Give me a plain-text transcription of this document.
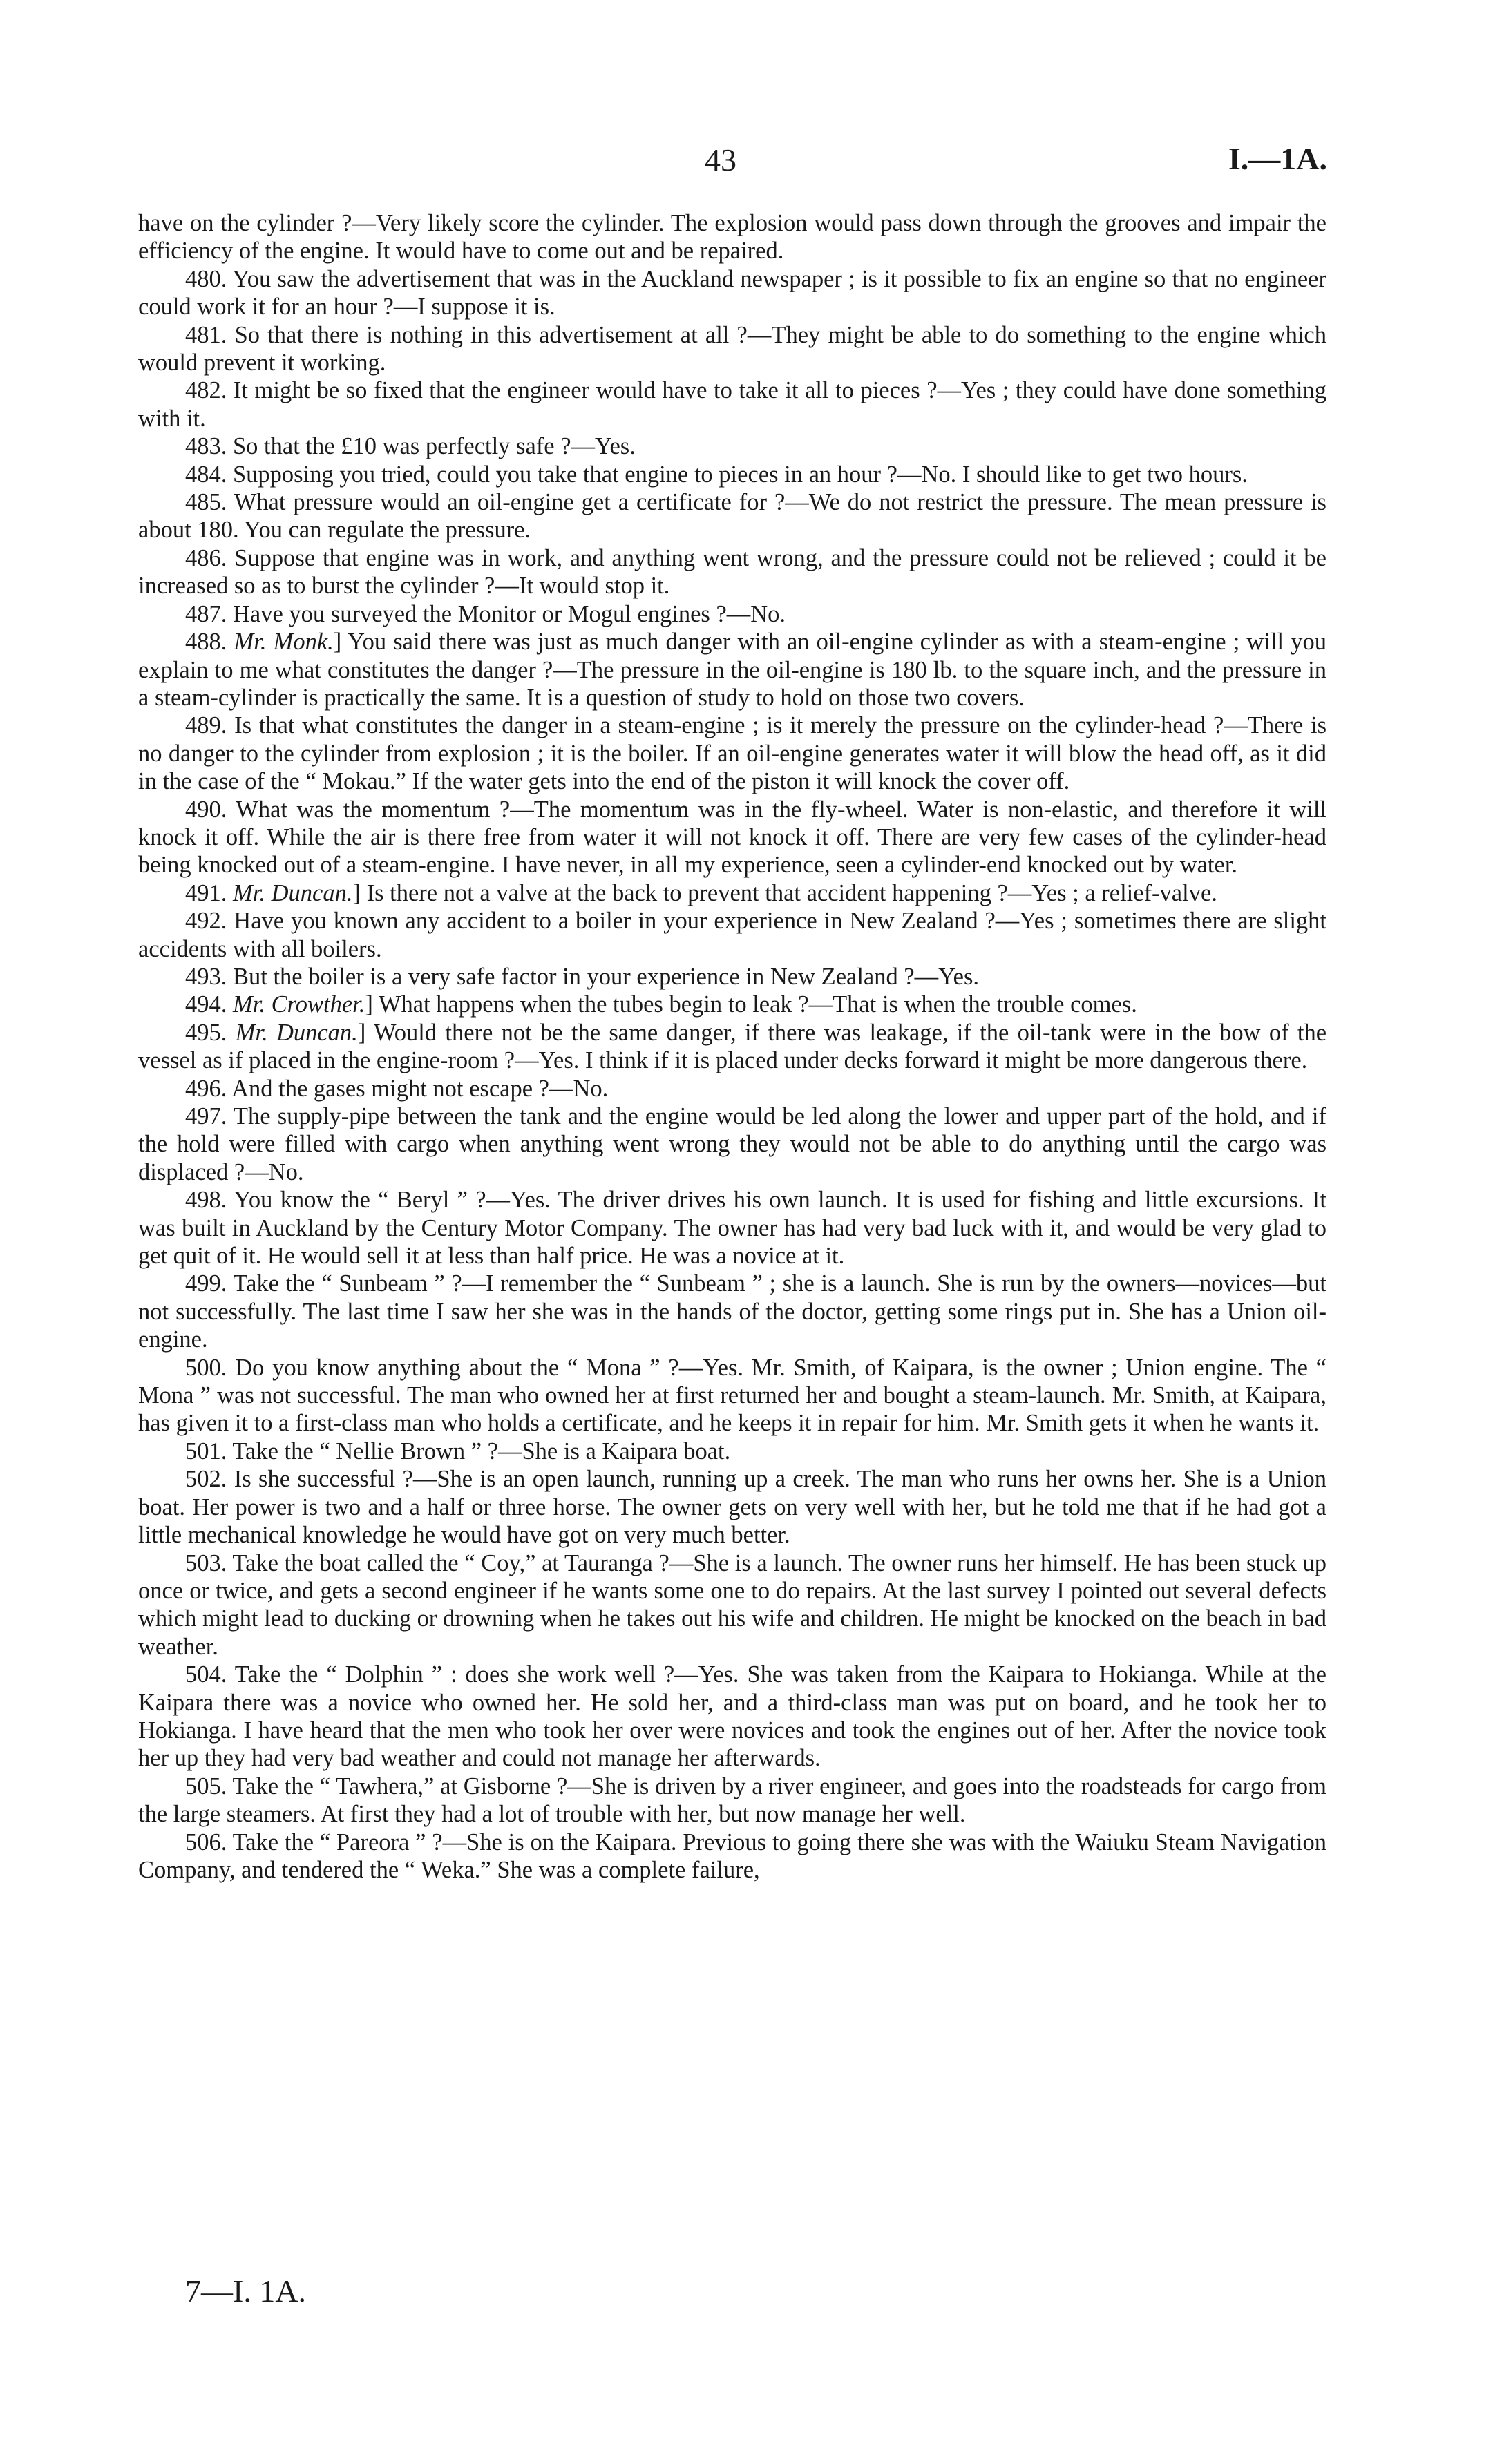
43	I.—1A.

have on the cylinder ?—Very likely score the cylinder. The explosion would pass down through the grooves and impair the efficiency of the engine. It would have to come out and be repaired.

480. You saw the advertisement that was in the Auckland newspaper ; is it possible to fix an engine so that no engineer could work it for an hour ?—I suppose it is.

481. So that there is nothing in this advertisement at all ?—They might be able to do something to the engine which would prevent it working.

482. It might be so fixed that the engineer would have to take it all to pieces ?—Yes ; they could have done something with it.

483. So that the £10 was perfectly safe ?—Yes.

484. Supposing you tried, could you take that engine to pieces in an hour ?—No. I should like to get two hours.

485. What pressure would an oil-engine get a certificate for ?—We do not restrict the pressure. The mean pressure is about 180. You can regulate the pressure.

486. Suppose that engine was in work, and anything went wrong, and the pressure could not be relieved ; could it be increased so as to burst the cylinder ?—It would stop it.

487. Have you surveyed the Monitor or Mogul engines ?—No.

488. Mr. Monk.] You said there was just as much danger with an oil-engine cylinder as with a steam-engine ; will you explain to me what constitutes the danger ?—The pressure in the oil-engine is 180 lb. to the square inch, and the pressure in a steam-cylinder is practically the same. It is a question of study to hold on those two covers.

489. Is that what constitutes the danger in a steam-engine ; is it merely the pressure on the cylinder-head ?—There is no danger to the cylinder from explosion ; it is the boiler. If an oil-engine generates water it will blow the head off, as it did in the case of the “ Mokau.” If the water gets into the end of the piston it will knock the cover off.

490. What was the momentum ?—The momentum was in the fly-wheel. Water is non-elastic, and therefore it will knock it off. While the air is there free from water it will not knock it off. There are very few cases of the cylinder-head being knocked out of a steam-engine. I have never, in all my experience, seen a cylinder-end knocked out by water.

491. Mr. Duncan.] Is there not a valve at the back to prevent that accident happening ?—Yes ; a relief-valve.

492. Have you known any accident to a boiler in your experience in New Zealand ?—Yes ; sometimes there are slight accidents with all boilers.

493. But the boiler is a very safe factor in your experience in New Zealand ?—Yes.

494. Mr. Crowther.] What happens when the tubes begin to leak ?—That is when the trouble comes.

495. Mr. Duncan.] Would there not be the same danger, if there was leakage, if the oil-tank were in the bow of the vessel as if placed in the engine-room ?—Yes. I think if it is placed under decks forward it might be more dangerous there.

496. And the gases might not escape ?—No.

497. The supply-pipe between the tank and the engine would be led along the lower and upper part of the hold, and if the hold were filled with cargo when anything went wrong they would not be able to do anything until the cargo was displaced ?—No.

498. You know the “ Beryl ” ?—Yes. The driver drives his own launch. It is used for fishing and little excursions. It was built in Auckland by the Century Motor Company. The owner has had very bad luck with it, and would be very glad to get quit of it. He would sell it at less than half price. He was a novice at it.

499. Take the “ Sunbeam ” ?—I remember the “ Sunbeam ” ; she is a launch. She is run by the owners—novices—but not successfully. The last time I saw her she was in the hands of the doctor, getting some rings put in. She has a Union oil-engine.

500. Do you know anything about the “ Mona ” ?—Yes. Mr. Smith, of Kaipara, is the owner ; Union engine. The “ Mona ” was not successful. The man who owned her at first returned her and bought a steam-launch. Mr. Smith, at Kaipara, has given it to a first-class man who holds a certificate, and he keeps it in repair for him. Mr. Smith gets it when he wants it.

501. Take the “ Nellie Brown ” ?—She is a Kaipara boat.

502. Is she successful ?—She is an open launch, running up a creek. The man who runs her owns her. She is a Union boat. Her power is two and a half or three horse. The owner gets on very well with her, but he told me that if he had got a little mechanical knowledge he would have got on very much better.

503. Take the boat called the “ Coy,” at Tauranga ?—She is a launch. The owner runs her himself. He has been stuck up once or twice, and gets a second engineer if he wants some one to do repairs. At the last survey I pointed out several defects which might lead to ducking or drowning when he takes out his wife and children. He might be knocked on the beach in bad weather.

504. Take the “ Dolphin ” : does she work well ?—Yes. She was taken from the Kaipara to Hokianga. While at the Kaipara there was a novice who owned her. He sold her, and a third-class man was put on board, and he took her to Hokianga. I have heard that the men who took her over were novices and took the engines out of her. After the novice took her up they had very bad weather and could not manage her afterwards.

505. Take the “ Tawhera,” at Gisborne ?—She is driven by a river engineer, and goes into the roadsteads for cargo from the large steamers. At first they had a lot of trouble with her, but now manage her well.

506. Take the “ Pareora ” ?—She is on the Kaipara. Previous to going there she was with the Waiuku Steam Navigation Company, and tendered the “ Weka.” She was a complete failure,

7—I. 1A.
